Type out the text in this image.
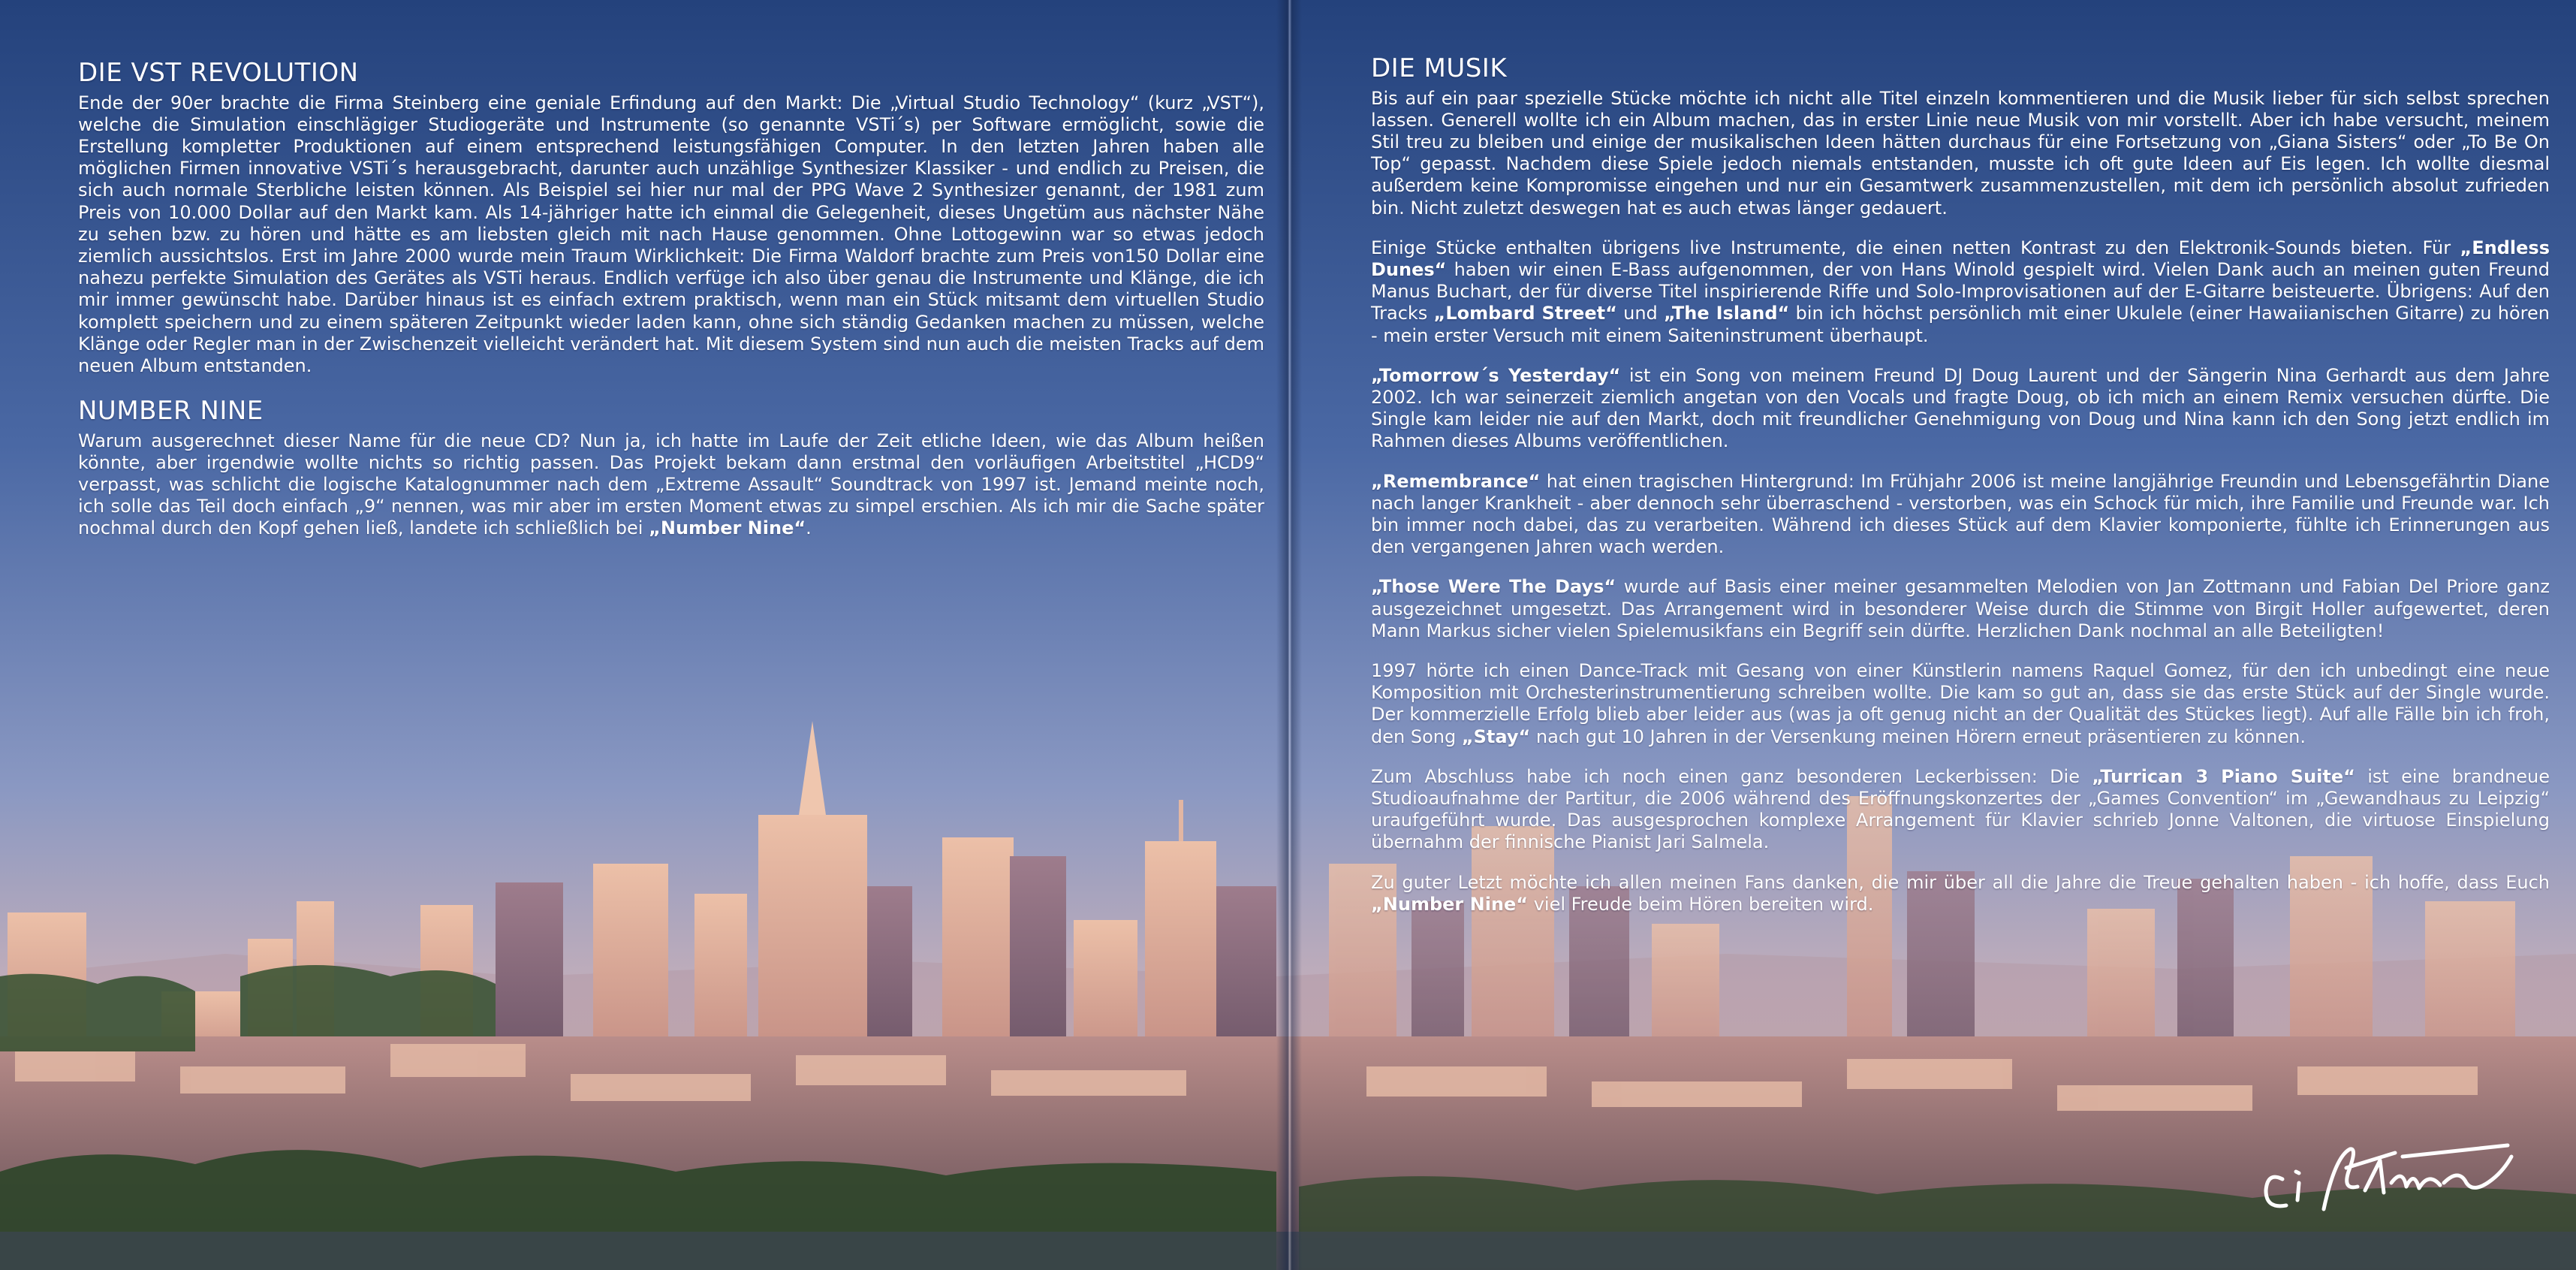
DIE VST REVOLUTION

Ende der 90er brachte die Firma Steinberg eine geniale Erfindung auf den Markt: Die „Virtual Studio Technology“ (kurz „VST“), welche die Simulation einschlägiger Studiogeräte und Instrumente (so genannte VSTi´s) per Software ermöglicht, sowie die Erstellung kompletter Produktionen auf einem entsprechend leistungsfähigen Computer. In den letzten Jahren haben alle möglichen Firmen innovative VSTi´s herausgebracht, darunter auch unzählige Synthesizer Klassiker - und endlich zu Preisen, die sich auch normale Sterbliche leisten können. Als Beispiel sei hier nur mal der PPG Wave 2 Synthesizer genannt, der 1981 zum Preis von 10.000 Dollar auf den Markt kam. Als 14-jähriger hatte ich einmal die Gelegenheit, dieses Ungetüm aus nächster Nähe zu sehen bzw. zu hören und hätte es am liebsten gleich mit nach Hause genommen. Ohne Lottogewinn war so etwas jedoch ziemlich aussichtslos. Erst im Jahre 2000 wurde mein Traum Wirklichkeit: Die Firma Waldorf brachte zum Preis von150 Dollar eine nahezu perfekte Simulation des Gerätes als VSTi heraus. Endlich verfüge ich also über genau die Instrumente und Klänge, die ich mir immer gewünscht habe. Darüber hinaus ist es einfach extrem praktisch, wenn man ein Stück mitsamt dem virtuellen Studio komplett speichern und zu einem späteren Zeitpunkt wieder laden kann, ohne sich ständig Gedanken machen zu müssen, welche Klänge oder Regler man in der Zwischenzeit vielleicht verändert hat. Mit diesem System sind nun auch die meisten Tracks auf dem neuen Album entstanden.

NUMBER NINE

Warum ausgerechnet dieser Name für die neue CD? Nun ja, ich hatte im Laufe der Zeit etliche Ideen, wie das Album heißen könnte, aber irgendwie wollte nichts so richtig passen. Das Projekt bekam dann erstmal den vorläufigen Arbeitstitel „HCD9“ verpasst, was schlicht die logische Katalognummer nach dem „Extreme Assault“ Soundtrack von 1997 ist. Jemand meinte noch, ich solle das Teil doch einfach „9“ nennen, was mir aber im ersten Moment etwas zu simpel erschien. Als ich mir die Sache später nochmal durch den Kopf gehen ließ, landete ich schließlich bei „Number Nine“.

DIE MUSIK

Bis auf ein paar spezielle Stücke möchte ich nicht alle Titel einzeln kommentieren und die Musik lieber für sich selbst sprechen lassen. Generell wollte ich ein Album machen, das in erster Linie neue Musik von mir vorstellt. Aber ich habe versucht, meinem Stil treu zu bleiben und einige der musikalischen Ideen hätten durchaus für eine Fortsetzung von „Giana Sisters“ oder „To Be On Top“ gepasst. Nachdem diese Spiele jedoch niemals entstanden, musste ich oft gute Ideen auf Eis legen. Ich wollte diesmal außerdem keine Kompromisse eingehen und nur ein Gesamtwerk zusammenzustellen, mit dem ich persönlich absolut zufrieden bin. Nicht zuletzt deswegen hat es auch etwas länger gedauert.

Einige Stücke enthalten übrigens live Instrumente, die einen netten Kontrast zu den Elektronik-Sounds bieten. Für „Endless Dunes“ haben wir einen E-Bass aufgenommen, der von Hans Winold gespielt wird. Vielen Dank auch an meinen guten Freund Manus Buchart, der für diverse Titel inspirierende Riffe und Solo-Improvisationen auf der E-Gitarre beisteuerte. Übrigens: Auf den Tracks „Lombard Street“ und „The Island“ bin ich höchst persönlich mit einer Ukulele (einer Hawaiianischen Gitarre) zu hören - mein erster Versuch mit einem Saiteninstrument überhaupt.

„Tomorrow´s Yesterday“ ist ein Song von meinem Freund DJ Doug Laurent und der Sängerin Nina Gerhardt aus dem Jahre 2002. Ich war seinerzeit ziemlich angetan von den Vocals und fragte Doug, ob ich mich an einem Remix versuchen dürfte. Die Single kam leider nie auf den Markt, doch mit freundlicher Genehmigung von Doug und Nina kann ich den Song jetzt endlich im Rahmen dieses Albums veröffentlichen.

„Remembrance“ hat einen tragischen Hintergrund: Im Frühjahr 2006 ist meine langjährige Freundin und Lebensgefährtin Diane nach langer Krankheit - aber dennoch sehr überraschend - verstorben, was ein Schock für mich, ihre Familie und Freunde war. Ich bin immer noch dabei, das zu verarbeiten. Während ich dieses Stück auf dem Klavier komponierte, fühlte ich Erinnerungen aus den vergangenen Jahren wach werden.

„Those Were The Days“ wurde auf Basis einer meiner gesammelten Melodien von Jan Zottmann und Fabian Del Priore ganz ausgezeichnet umgesetzt. Das Arrangement wird in besonderer Weise durch die Stimme von Birgit Holler aufgewertet, deren Mann Markus sicher vielen Spielemusikfans ein Begriff sein dürfte. Herzlichen Dank nochmal an alle Beteiligten!

1997 hörte ich einen Dance-Track mit Gesang von einer Künstlerin namens Raquel Gomez, für den ich unbedingt eine neue Komposition mit Orchesterinstrumentierung schreiben wollte. Die kam so gut an, dass sie das erste Stück auf der Single wurde. Der kommerzielle Erfolg blieb aber leider aus (was ja oft genug nicht an der Qualität des Stückes liegt). Auf alle Fälle bin ich froh, den Song „Stay“ nach gut 10 Jahren in der Versenkung meinen Hörern erneut präsentieren zu können.

Zum Abschluss habe ich noch einen ganz besonderen Leckerbissen: Die „Turrican 3 Piano Suite“ ist eine brandneue Studioaufnahme der Partitur, die 2006 während des Eröffnungskonzertes der „Games Convention“ im „Gewandhaus zu Leipzig“ uraufgeführt wurde. Das ausgesprochen komplexe Arrangement für Klavier schrieb Jonne Valtonen, die virtuose Einspielung übernahm der finnische Pianist Jari Salmela.

Zu guter Letzt möchte ich allen meinen Fans danken, die mir über all die Jahre die Treue gehalten haben - ich hoffe, dass Euch „Number Nine“ viel Freude beim Hören bereiten wird.
